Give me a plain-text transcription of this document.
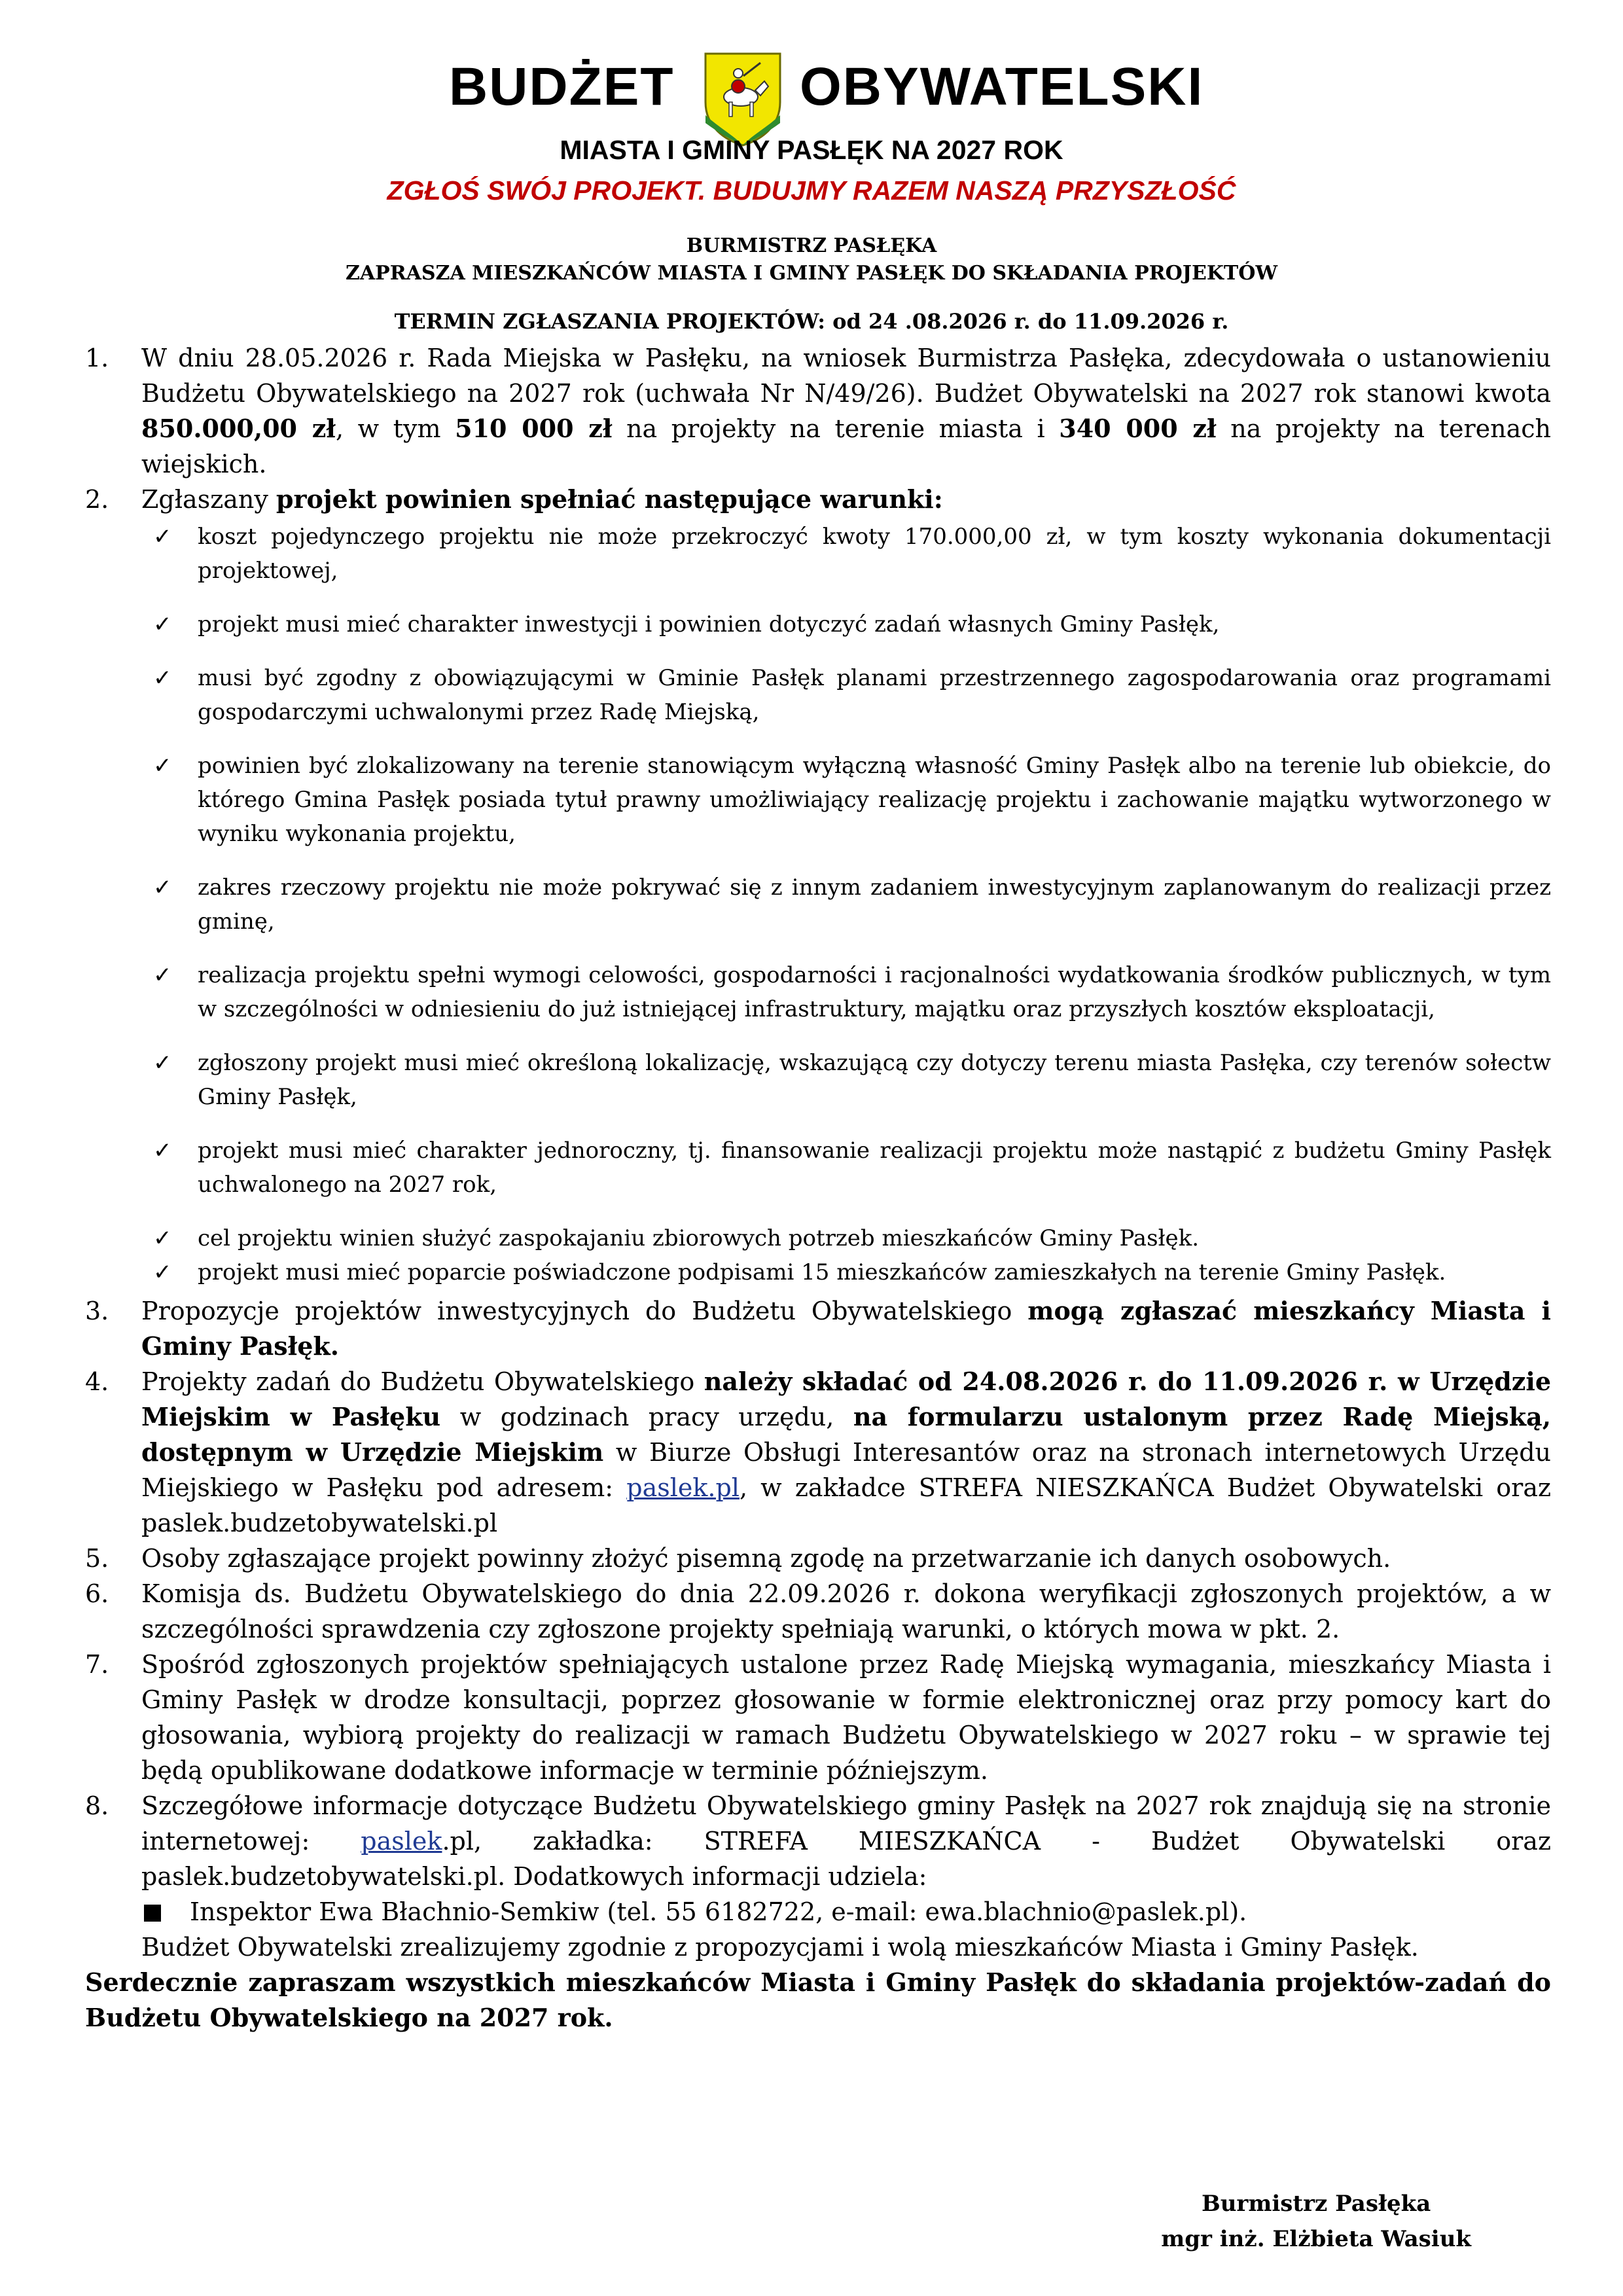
BUDŻET OBYWATELSKI
MIASTA I GMINY PASŁĘK NA 2027 ROK
ZGŁOŚ SWÓJ PROJEKT. BUDUJMY RAZEM NASZĄ PRZYSZŁOŚĆ
BURMISTRZ PASŁĘKA
ZAPRASZA MIESZKAŃCÓW MIASTA I GMINY PASŁĘK DO SKŁADANIA PROJEKTÓW
TERMIN ZGŁASZANIA PROJEKTÓW: od 24 .08.2026 r. do 11.09.2026 r.
1. W dniu 28.05.2026 r. Rada Miejska w Pasłęku, na wniosek Burmistrza Pasłęka, zdecydowała o ustanowieniu Budżetu Obywatelskiego na 2027 rok (uchwała Nr N/49/26). Budżet Obywatelski na 2027 rok stanowi kwota 850.000,00 zł, w tym 510 000 zł na projekty na terenie miasta i 340 000 zł na projekty na terenach wiejskich.
2. Zgłaszany projekt powinien spełniać następujące warunki:
✓ koszt pojedynczego projektu nie może przekroczyć kwoty 170.000,00 zł, w tym koszty wykonania dokumentacji projektowej,
✓ projekt musi mieć charakter inwestycji i powinien dotyczyć zadań własnych Gminy Pasłęk,
✓ musi być zgodny z obowiązującymi w Gminie Pasłęk planami przestrzennego zagospodarowania oraz programami gospodarczymi uchwalonymi przez Radę Miejską,
✓ powinien być zlokalizowany na terenie stanowiącym wyłączną własność Gminy Pasłęk albo na terenie lub obiekcie, do którego Gmina Pasłęk posiada tytuł prawny umożliwiający realizację projektu i zachowanie majątku wytworzonego w wyniku wykonania projektu,
✓ zakres rzeczowy projektu nie może pokrywać się z innym zadaniem inwestycyjnym zaplanowanym do realizacji przez gminę,
✓ realizacja projektu spełni wymogi celowości, gospodarności i racjonalności wydatkowania środków publicznych, w tym w szczególności w odniesieniu do już istniejącej infrastruktury, majątku oraz przyszłych kosztów eksploatacji,
✓ zgłoszony projekt musi mieć określoną lokalizację, wskazującą czy dotyczy terenu miasta Pasłęka, czy terenów sołectw Gminy Pasłęk,
✓ projekt musi mieć charakter jednoroczny, tj. finansowanie realizacji projektu może nastąpić z budżetu Gminy Pasłęk uchwalonego na 2027 rok,
✓ cel projektu winien służyć zaspokajaniu zbiorowych potrzeb mieszkańców Gminy Pasłęk.
✓ projekt musi mieć poparcie poświadczone podpisami 15 mieszkańców zamieszkałych na terenie Gminy Pasłęk.
3. Propozycje projektów inwestycyjnych do Budżetu Obywatelskiego mogą zgłaszać mieszkańcy Miasta i Gminy Pasłęk.
4. Projekty zadań do Budżetu Obywatelskiego należy składać od 24.08.2026 r. do 11.09.2026 r. w Urzędzie Miejskim w Pasłęku w godzinach pracy urzędu, na formularzu ustalonym przez Radę Miejską, dostępnym w Urzędzie Miejskim w Biurze Obsługi Interesantów oraz na stronach internetowych Urzędu Miejskiego w Pasłęku pod adresem: paslek.pl, w zakładce STREFA NIESZKAŃCA Budżet Obywatelski oraz paslek.budzetobywatelski.pl
5. Osoby zgłaszające projekt powinny złożyć pisemną zgodę na przetwarzanie ich danych osobowych.
6. Komisja ds. Budżetu Obywatelskiego do dnia 22.09.2026 r. dokona weryfikacji zgłoszonych projektów, a w szczególności sprawdzenia czy zgłoszone projekty spełniają warunki, o których mowa w pkt. 2.
7. Spośród zgłoszonych projektów spełniających ustalone przez Radę Miejską wymagania, mieszkańcy Miasta i Gminy Pasłęk w drodze konsultacji, poprzez głosowanie w formie elektronicznej oraz przy pomocy kart do głosowania, wybiorą projekty do realizacji w ramach Budżetu Obywatelskiego w 2027 roku – w sprawie tej będą opublikowane dodatkowe informacje w terminie późniejszym.
8. Szczegółowe informacje dotyczące Budżetu Obywatelskiego gminy Pasłęk na 2027 rok znajdują się na stronie internetowej: paslek.pl, zakładka: STREFA MIESZKAŃCA - Budżet Obywatelski oraz paslek.budzetobywatelski.pl. Dodatkowych informacji udziela:
Inspektor Ewa Błachnio-Semkiw (tel. 55 6182722, e-mail: ewa.blachnio@paslek.pl).
Budżet Obywatelski zrealizujemy zgodnie z propozycjami i wolą mieszkańców Miasta i Gminy Pasłęk.
Serdecznie zapraszam wszystkich mieszkańców Miasta i Gminy Pasłęk do składania projektów-zadań do Budżetu Obywatelskiego na 2027 rok.
Burmistrz Pasłęka
mgr inż. Elżbieta Wasiuk
